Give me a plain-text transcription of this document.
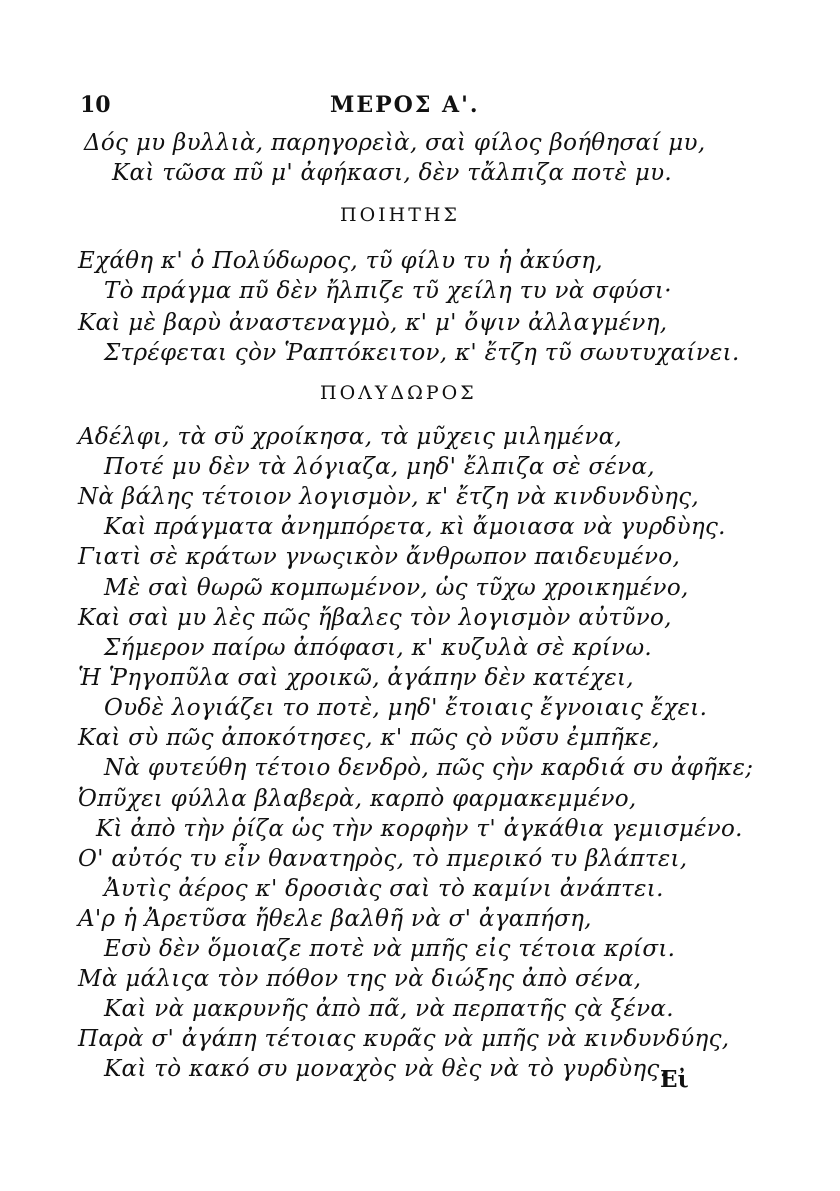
10	ΜΕΡΟΣ Α'.
Δός μυ βυλλιὰ, παρηγορεὶὰ, σαὶ φίλος βοήθησαί μυ,
Καὶ τῶσα πῦ μ' ἀφήκασι, δὲν τἄλπιζα ποτὲ μυ.
ΠΟΙΗΤΗΣ
Εχάθη κ' ὁ Πολύδωρος, τῦ φίλυ τυ ἡ ἀκύση,
Τὸ πράγμα πῦ δὲν ἤλπιζε τῦ χείλη τυ νὰ σφύσι·
Καὶ μὲ βαρὺ ἀναστεναγμὸ, κ' μ' ὄψιν ἀλλαγμένη,
Στρέφεται ςὸν Ῥαπτόκειτον, κ' ἔτζη τῦ σωυτυχαίνει.
ΠΟΛΥΔΩΡΟΣ
Αδέλφι, τὰ σῦ χροίκησα, τὰ μῦχεις μιλημένα,
Ποτέ μυ δὲν τὰ λόγιαζα, μηδ' ἔλπιζα σὲ σένα,
Νὰ βάλης τέτοιον λογισμὸν, κ' ἔτζη νὰ κινδυνδὺης,
Καὶ πράγματα ἀνημπόρετα, κὶ ἄμοιασα νὰ γυρδὺης.
Γιατὶ σὲ κράτων γνωςικὸν ἄνθρωπον παιδευμένο,
Μὲ σαὶ θωρῶ κομπωμένον, ὡς τῦχω χροικημένο,
Καὶ σαὶ μυ λὲς πῶς ἤβαλες τὸν λογισμὸν αὐτῦνο,
Σήμερον παίρω ἀπόφασι, κ' κυζυλὰ σὲ κρίνω.
Ἡ Ῥηγοπῦλα σαὶ χροικῶ, ἀγάπην δὲν κατέχει,
Ουδὲ λογιάζει το ποτὲ, μηδ' ἔτοιαις ἔγνοιαις ἔχει.
Καὶ σὺ πῶς ἀποκότησες, κ' πῶς ςὸ νῦσυ ἐμπῆκε,
Νὰ φυτεύθη τέτοιο δενδρὸ, πῶς ςὴν καρδιά συ ἀφῆκε;
Ὀπῦχει φύλλα βλαβερὰ, καρπὸ φαρμακεμμένο,
Κὶ ἀπὸ τὴν ῥίζα ὡς τὴν κορφὴν τ' ἀγκάθια γεμισμένο.
Ο' αὐτός τυ εἶν θανατηρὸς, τὸ πμερικό τυ βλάπτει,
Ἀυτὶς ἀέρος κ' δροσιὰς σαὶ τὸ καμίνι ἀνάπτει.
Α'ρ ἡ Ἀρετῦσα ἤθελε βαλθῆ νὰ σ' ἀγαπήση,
Εσὺ δὲν ὅμοιαζε ποτὲ νὰ μπῆς εἰς τέτοια κρίσι.
Μὰ μάλιςα τὸν πόθον της νὰ διώξης ἀπὸ σένα,
Καὶ νὰ μακρυνῆς ἀπὸ πᾶ, νὰ περπατῆς ςὰ ξένα.
Παρὰ σ' ἀγάπη τέτοιας κυρᾶς νὰ μπῆς νὰ κινδυνδύης,
Καὶ τὸ κακό συ μοναχὸς νὰ θὲς νὰ τὸ γυρδὺης.
Εἰ
